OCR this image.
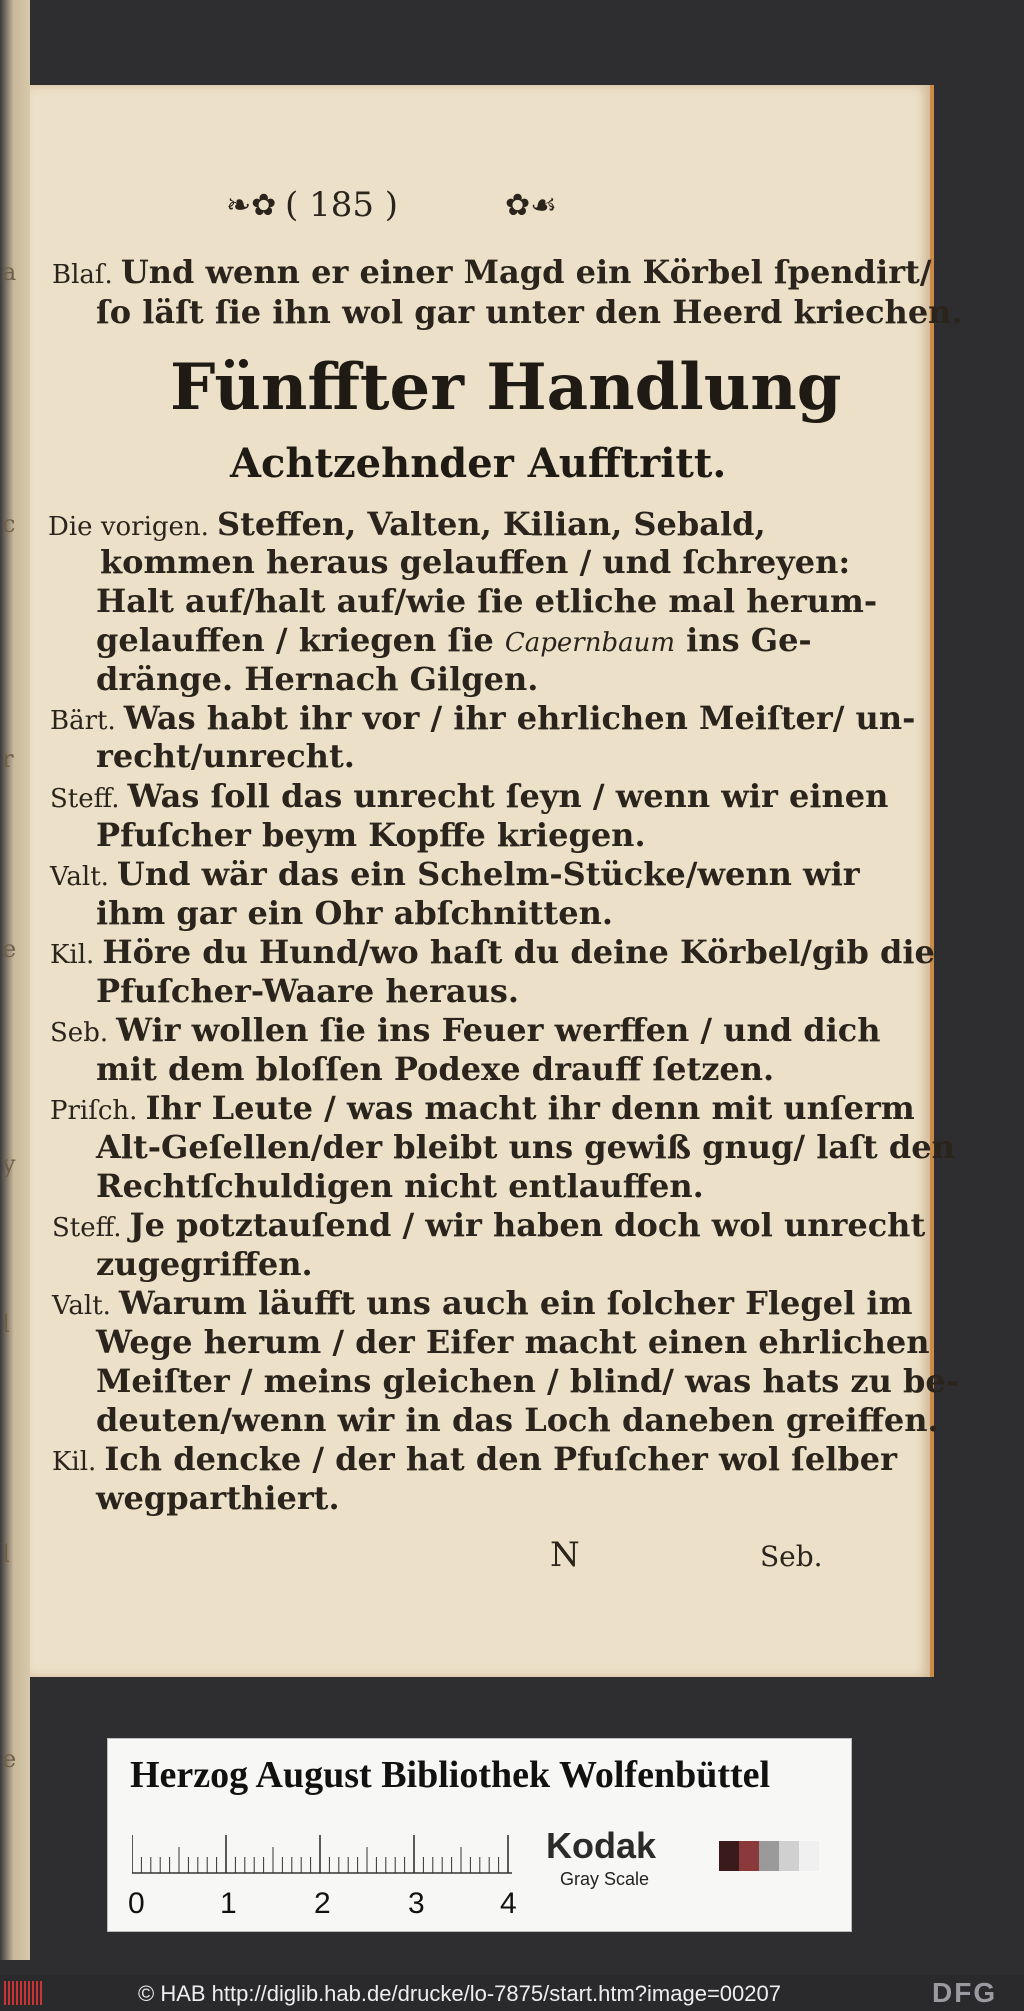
a
c
r
e
y
l
l
e
❧✿ ( 185 )	✿☙
Blaſ. Und wenn er einer Magd ein Körbel ſpendirt/
ſo läſt ſie ihn wol gar unter den Heerd kriechen.
Die vorigen. Steffen, Valten, Kilian, Sebald,
kommen heraus gelauffen / und ſchreyen:
Halt auf/halt auf/wie ſie etliche mal herum-
gelauffen / kriegen ſie Capernbaum ins Ge-
dränge. Hernach Gilgen.
Bärt. Was habt ihr vor / ihr ehrlichen Meiſter/ un-
recht/unrecht.
Steff. Was ſoll das unrecht ſeyn / wenn wir einen
Pfuſcher beym Kopffe kriegen.
Valt. Und wär das ein Schelm-Stücke/wenn wir
ihm gar ein Ohr abſchnitten.
Kil. Höre du Hund/wo haſt du deine Körbel/gib die
Pfuſcher-Waare heraus.
Seb. Wir wollen ſie ins Feuer werffen / und dich
mit dem bloſſen Podexe drauff ſetzen.
Priſch. Ihr Leute / was macht ihr denn mit unſerm
Alt-Geſellen/der bleibt uns gewiß gnug/ laſt den
Rechtſchuldigen nicht entlauffen.
Steff. Je potztauſend / wir haben doch wol unrecht
zugegriffen.
Valt. Warum läufft uns auch ein ſolcher Flegel im
Wege herum / der Eifer macht einen ehrlichen
Meiſter / meins gleichen / blind/ was hats zu be-
deuten/wenn wir in das Loch daneben greiffen.
Kil. Ich dencke / der hat den Pfuſcher wol ſelber
wegparthiert.
Fünffter Handlung
Achtzehnder Aufftritt.
N	Seb.
Herzog August Bibliothek Wolfenbüttel
0	1	2	3	4
Kodak
Gray Scale
© HAB http://diglib.hab.de/drucke/lo-7875/start.htm?image=00207	DFG
